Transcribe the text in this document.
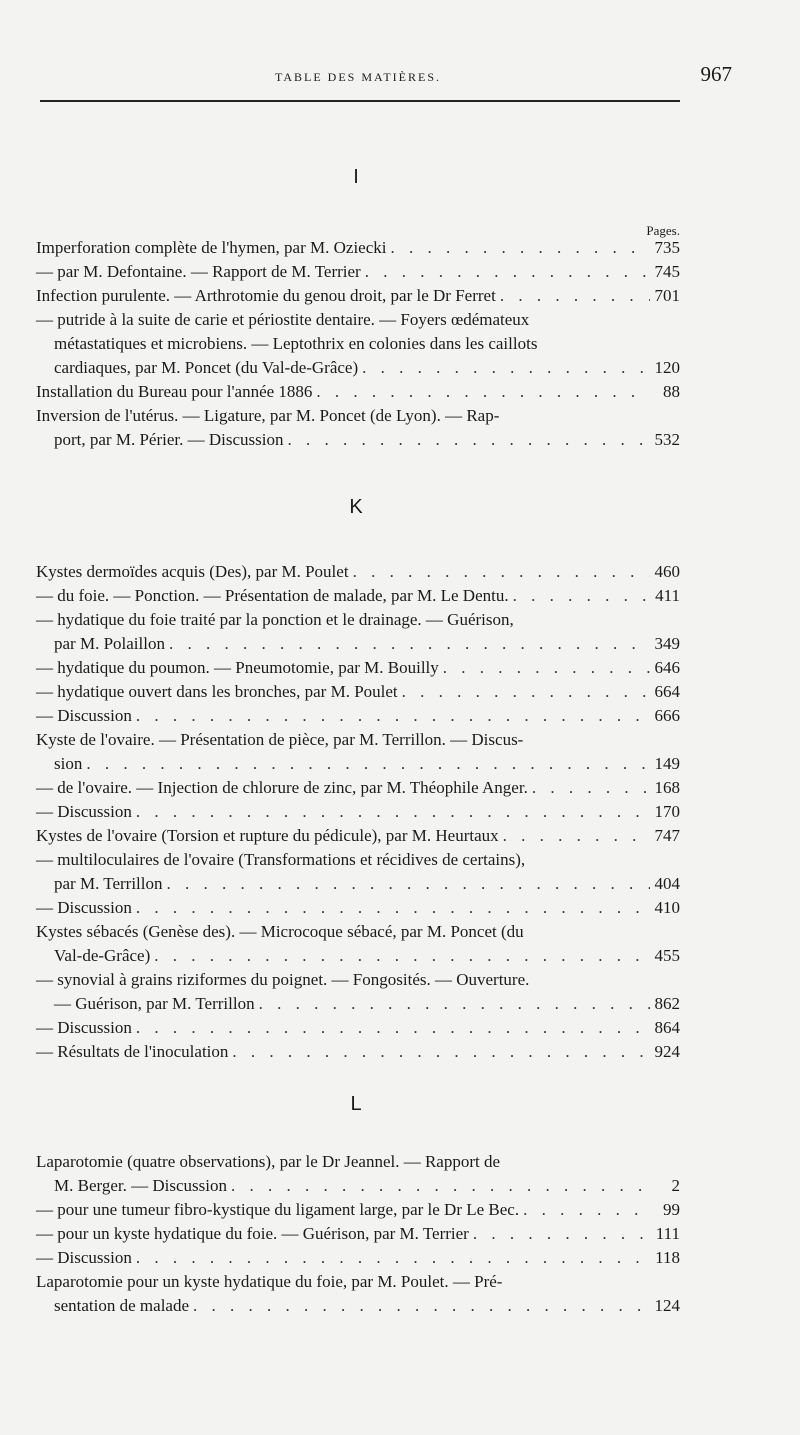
TABLE DES MATIÈRES.	967
Pages.
I
Imperforation complète de l'hymen, par M. Oziecki . . .	735
— par M. Defontaine. — Rapport de M. Terrier . . .	745
Infection purulente. — Arthrotomie du genou droit, par le Dr Ferret . . .	701
— putride à la suite de carie et périostite dentaire. — Foyers œdémateux
métastatiques et microbiens. — Leptothrix en colonies dans les caillots
cardiaques, par M. Poncet (du Val-de-Grâce) . . .	120
Installation du Bureau pour l'année 1886 . . .	88
Inversion de l'utérus. — Ligature, par M. Poncet (de Lyon). — Rap-
port, par M. Périer. — Discussion . . .	532
K
Kystes dermoïdes acquis (Des), par M. Poulet . . .	460
— du foie. — Ponction. — Présentation de malade, par M. Le Dentu. . . .	411
— hydatique du foie traité par la ponction et le drainage. — Guérison,
par M. Polaillon . . .	349
— hydatique du poumon. — Pneumotomie, par M. Bouilly . . .	646
— hydatique ouvert dans les bronches, par M. Poulet . . .	664
— Discussion . . .	666
Kyste de l'ovaire. — Présentation de pièce, par M. Terrillon. — Discus-
sion . . .	149
— de l'ovaire. — Injection de chlorure de zinc, par M. Théophile Anger. . . .	168
— Discussion . . .	170
Kystes de l'ovaire (Torsion et rupture du pédicule), par M. Heurtaux . . .	747
— multiloculaires de l'ovaire (Transformations et récidives de certains),
par M. Terrillon . . .	404
— Discussion . . .	410
Kystes sébacés (Genèse des). — Microcoque sébacé, par M. Poncet (du
Val-de-Grâce) . . .	455
— synovial à grains riziformes du poignet. — Fongosités. — Ouverture.
— Guérison, par M. Terrillon . . .	862
— Discussion . . .	864
— Résultats de l'inoculation . . .	924
L
Laparotomie (quatre observations), par le Dr Jeannel. — Rapport de
M. Berger. — Discussion . . .	2
— pour une tumeur fibro-kystique du ligament large, par le Dr Le Bec. . . .	99
— pour un kyste hydatique du foie. — Guérison, par M. Terrier . . .	111
— Discussion . . .	118
Laparotomie pour un kyste hydatique du foie, par M. Poulet. — Pré-
sentation de malade . . .	124
